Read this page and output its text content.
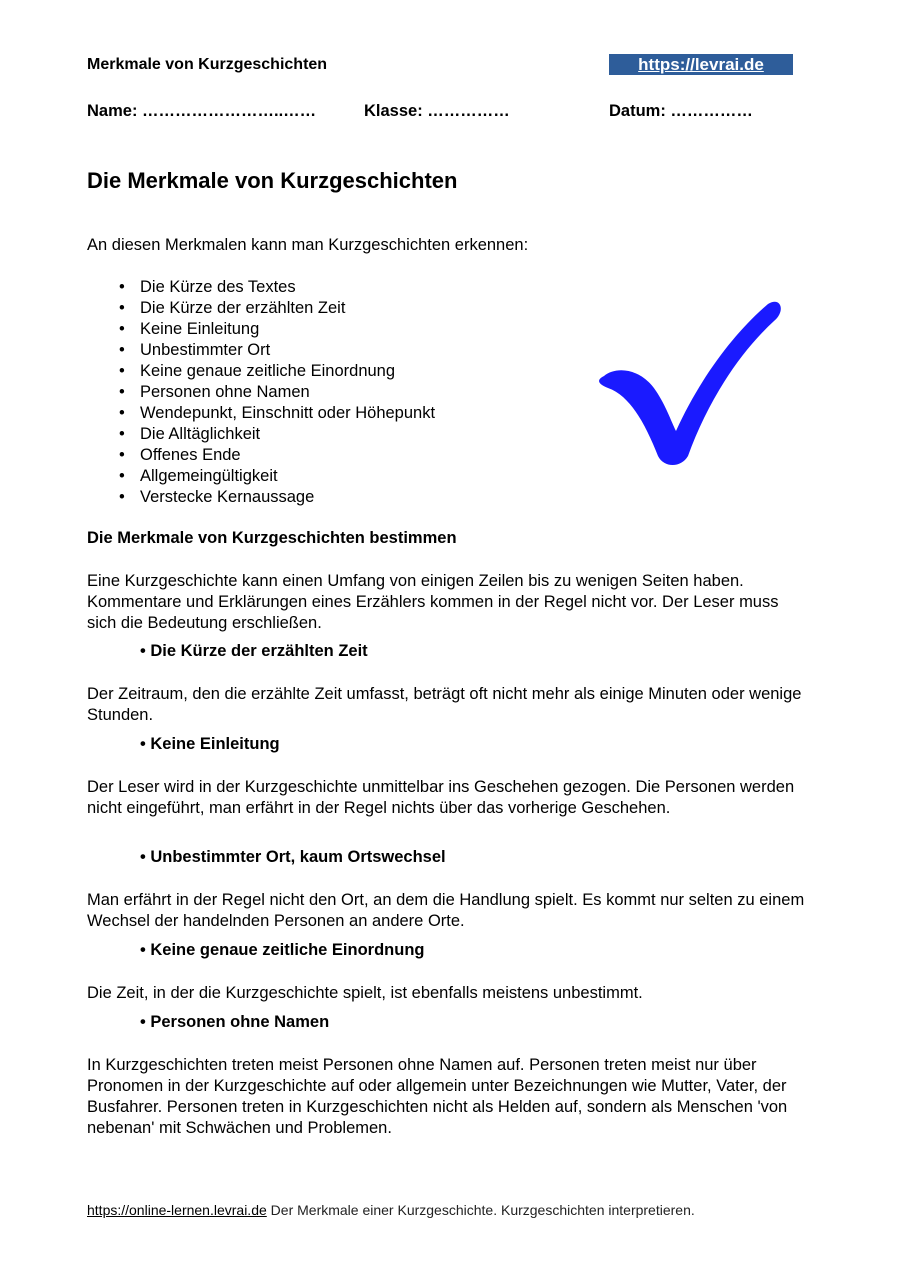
Merkmale von Kurzgeschichten	https://levrai.de
Name: ……………………..……	Klasse: ……………	Datum: ……………
Die Merkmale von Kurzgeschichten
An diesen Merkmalen kann man Kurzgeschichten erkennen:
• Die Kürze des Textes
• Die Kürze der erzählten Zeit
• Keine Einleitung
• Unbestimmter Ort
• Keine genaue zeitliche Einordnung
• Personen ohne Namen
• Wendepunkt, Einschnitt oder Höhepunkt
• Die Alltäglichkeit
• Offenes Ende
• Allgemeingültigkeit
• Verstecke Kernaussage
Die Merkmale von Kurzgeschichten bestimmen
Eine Kurzgeschichte kann einen Umfang von einigen Zeilen bis zu wenigen Seiten haben. Kommentare und Erklärungen eines Erzählers kommen in der Regel nicht vor. Der Leser muss sich die Bedeutung erschließen.
• Die Kürze der erzählten Zeit
Der Zeitraum, den die erzählte Zeit umfasst, beträgt oft nicht mehr als einige Minuten oder wenige Stunden.
• Keine Einleitung
Der Leser wird in der Kurzgeschichte unmittelbar ins Geschehen gezogen. Die Personen werden nicht eingeführt, man erfährt in der Regel nichts über das vorherige Geschehen.
• Unbestimmter Ort, kaum Ortswechsel
Man erfährt in der Regel nicht den Ort, an dem die Handlung spielt. Es kommt nur selten zu einem Wechsel der handelnden Personen an andere Orte.
• Keine genaue zeitliche Einordnung
Die Zeit, in der die Kurzgeschichte spielt, ist ebenfalls meistens unbestimmt.
• Personen ohne Namen
In Kurzgeschichten treten meist Personen ohne Namen auf. Personen treten meist nur über Pronomen in der Kurzgeschichte auf oder allgemein unter Bezeichnungen wie Mutter, Vater, der Busfahrer. Personen treten in Kurzgeschichten nicht als Helden auf, sondern als Menschen 'von nebenan' mit Schwächen und Problemen.
https://online-lernen.levrai.de Der Merkmale einer Kurzgeschichte. Kurzgeschichten interpretieren.
